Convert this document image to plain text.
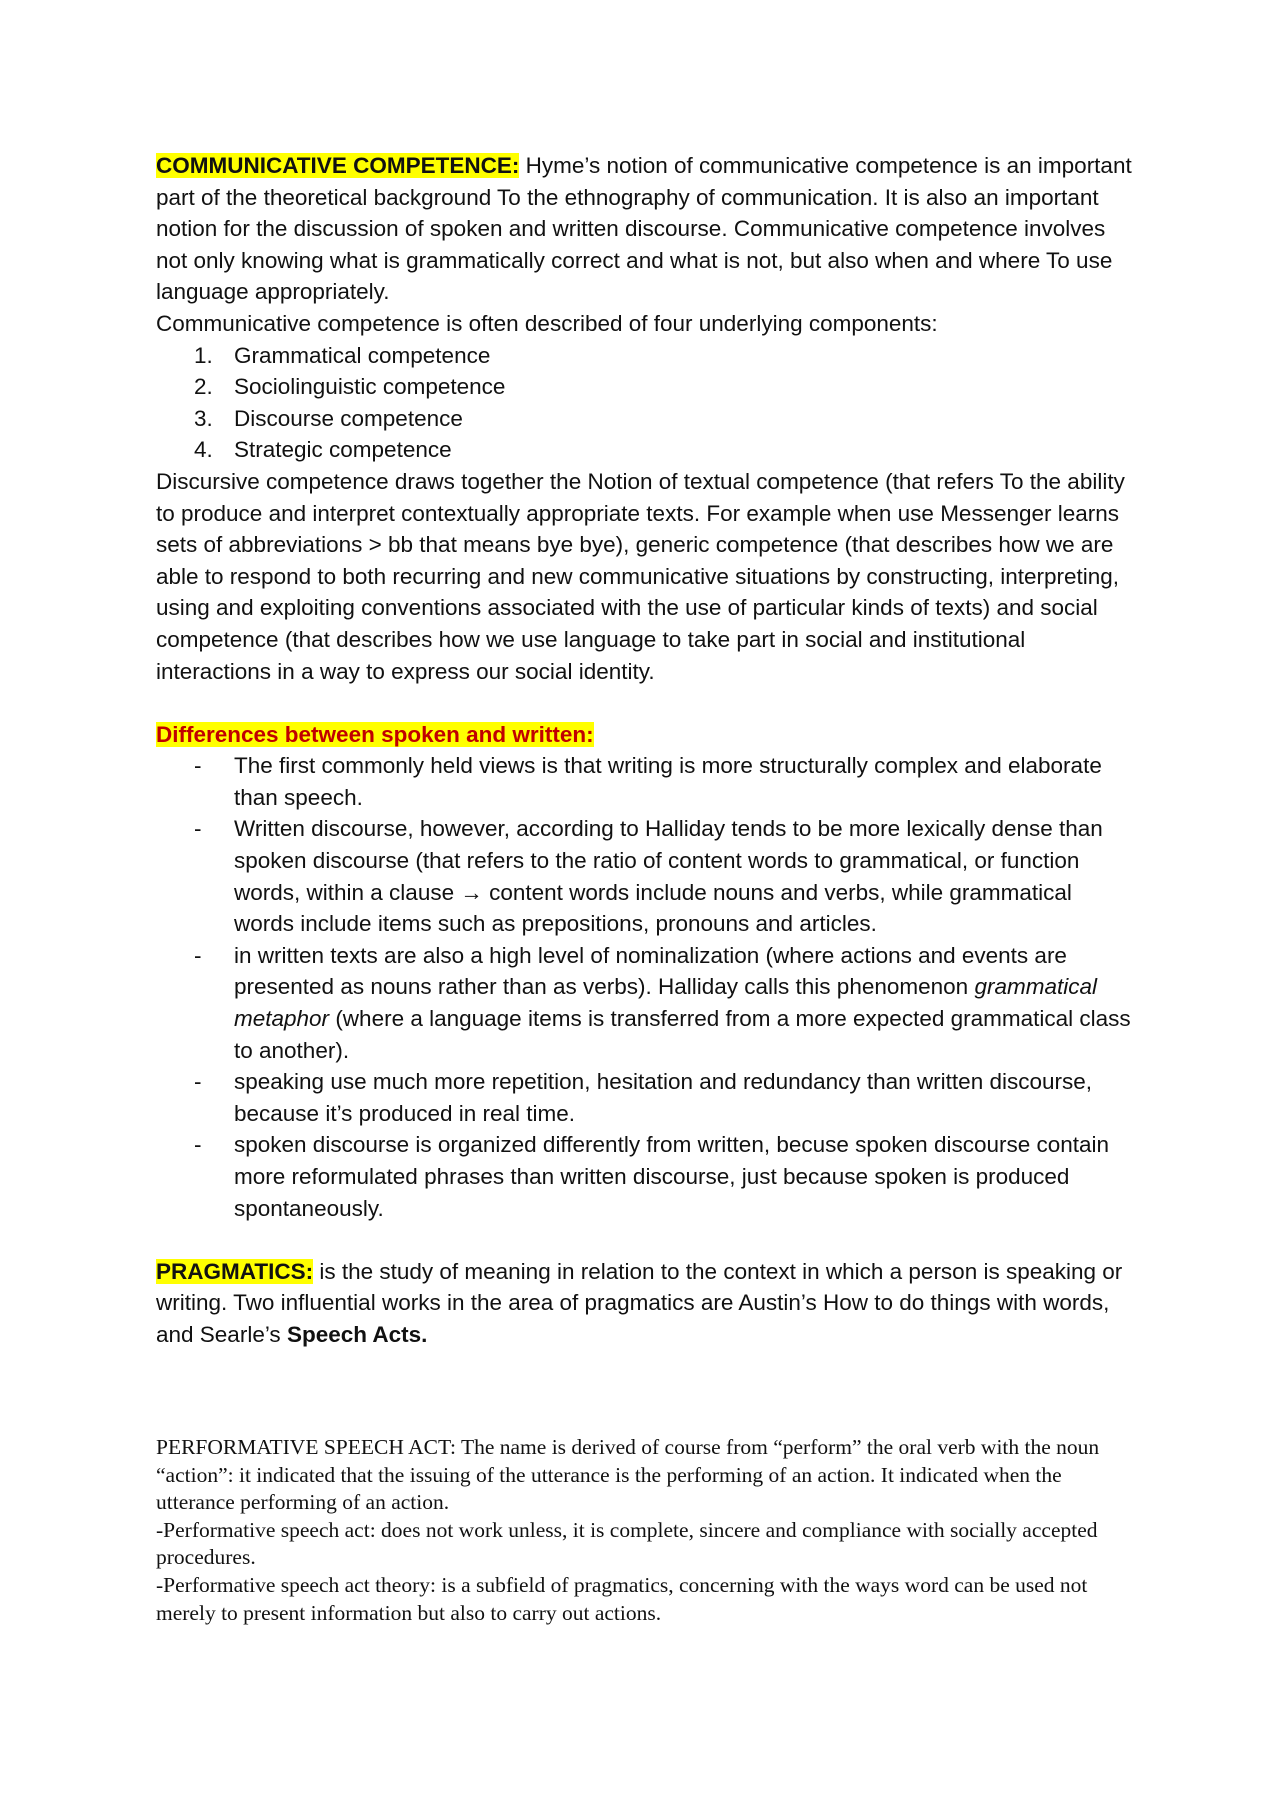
COMMUNICATIVE COMPETENCE: Hyme’s notion of communicative competence is an important part of the theoretical background To the ethnography of communication. It is also an important notion for the discussion of spoken and written discourse. Communicative competence involves not only knowing what is grammatically correct and what is not, but also when and where To use language appropriately.

Communicative competence is often described of four underlying components:

1. Grammatical competence
2. Sociolinguistic competence
3. Discourse competence
4. Strategic competence

Discursive competence draws together the Notion of textual competence (that refers To the ability to produce and interpret contextually appropriate texts. For example when use Messenger learns sets of abbreviations > bb that means bye bye), generic competence (that describes how we are able to respond to both recurring and new communicative situations by constructing, interpreting, using and exploiting conventions associated with the use of particular kinds of texts) and social competence (that describes how we use language to take part in social and institutional interactions in a way to express our social identity.

Differences between spoken and written:

- The first commonly held views is that writing is more structurally complex and elaborate than speech.
- Written discourse, however, according to Halliday tends to be more lexically dense than spoken discourse (that refers to the ratio of content words to grammatical, or function words, within a clause → content words include nouns and verbs, while grammatical words include items such as prepositions, pronouns and articles.
- in written texts are also a high level of nominalization (where actions and events are presented as nouns rather than as verbs). Halliday calls this phenomenon grammatical metaphor (where a language items is transferred from a more expected grammatical class to another).
- speaking use much more repetition, hesitation and redundancy than written discourse, because it’s produced in real time.
- spoken discourse is organized differently from written, becuse spoken discourse contain more reformulated phrases than written discourse, just because spoken is produced spontaneously.

PRAGMATICS: is the study of meaning in relation to the context in which a person is speaking or writing. Two influential works in the area of pragmatics are Austin’s How to do things with words, and Searle’s Speech Acts.

PERFORMATIVE SPEECH ACT: The name is derived of course from “perform” the oral verb with the noun “action”: it indicated that the issuing of the utterance is the performing of an action. It indicated when the utterance performing of an action.

-Performative speech act: does not work unless, it is complete, sincere and compliance with socially accepted procedures.

-Performative speech act theory: is a subfield of pragmatics, concerning with the ways word can be used not merely to present information but also to carry out actions.
